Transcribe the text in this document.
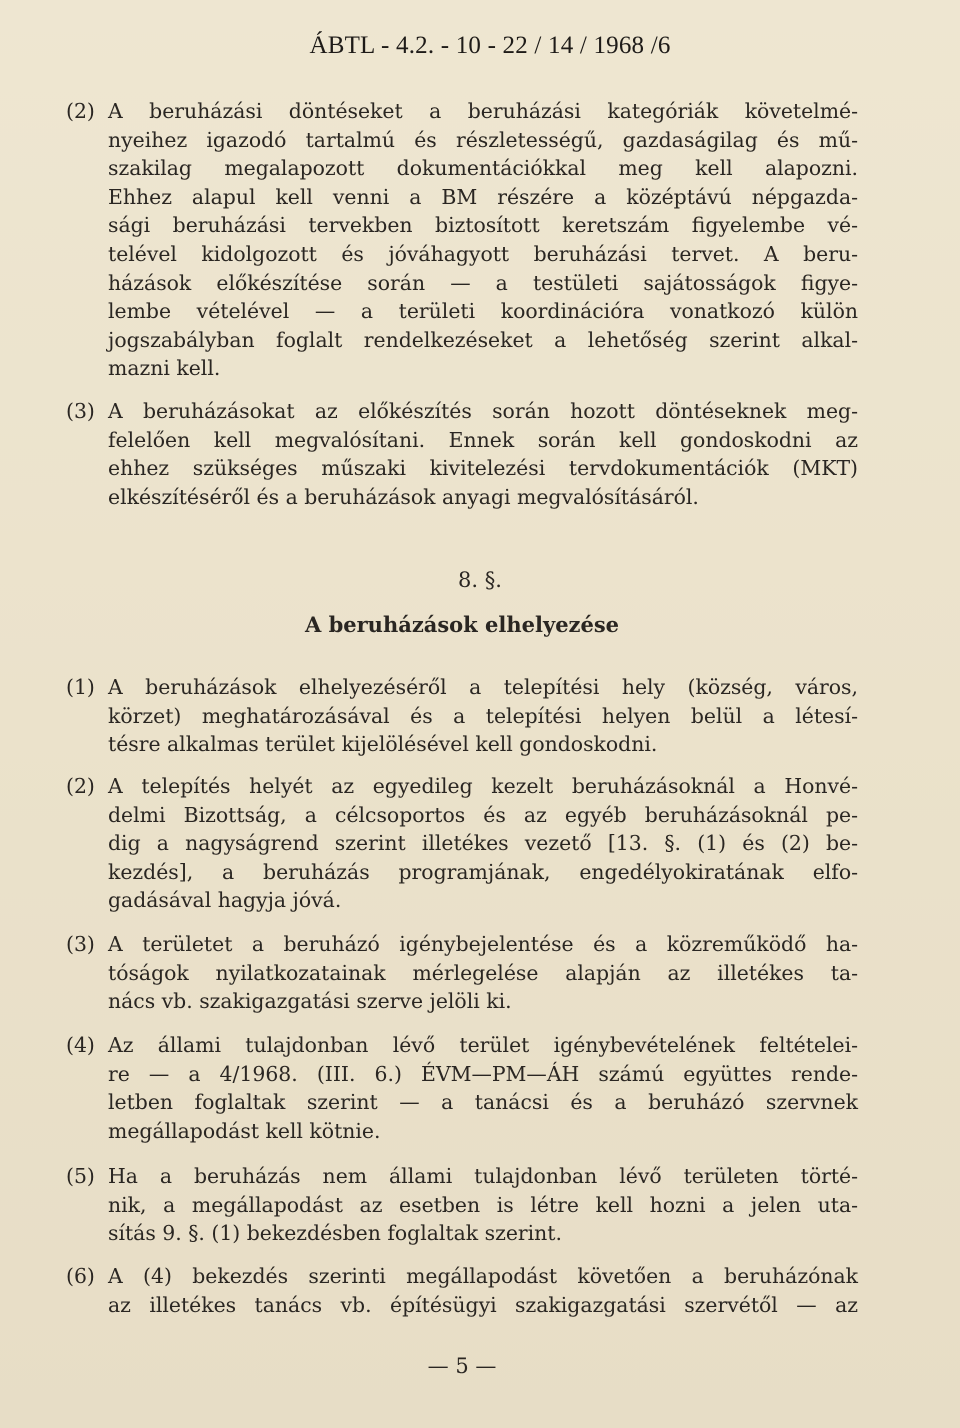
ÁBTL - 4.2. - 10 - 22 / 14 / 1968 /6
(2) A beruházási döntéseket a beruházási kategóriák követelmé-
nyeihez igazodó tartalmú és részletességű, gazdaságilag és mű-
szakilag megalapozott dokumentációkkal meg kell alapozni.
Ehhez alapul kell venni a BM részére a középtávú népgazda-
sági beruházási tervekben biztosított keretszám figyelembe vé-
telével kidolgozott és jóváhagyott beruházási tervet. A beru-
házások előkészítése során — a testületi sajátosságok figye-
lembe vételével — a területi koordinációra vonatkozó külön
jogszabályban foglalt rendelkezéseket a lehetőség szerint alkal-
mazni kell.
(3) A beruházásokat az előkészítés során hozott döntéseknek meg-
felelően kell megvalósítani. Ennek során kell gondoskodni az
ehhez szükséges műszaki kivitelezési tervdokumentációk (MKT)
elkészítéséről és a beruházások anyagi megvalósításáról.
8. §.
A beruházások elhelyezése
(1) A beruházások elhelyezéséről a telepítési hely (község, város,
körzet) meghatározásával és a telepítési helyen belül a létesí-
tésre alkalmas terület kijelölésével kell gondoskodni.
(2) A telepítés helyét az egyedileg kezelt beruházásoknál a Honvé-
delmi Bizottság, a célcsoportos és az egyéb beruházásoknál pe-
dig a nagyságrend szerint illetékes vezető [13. §. (1) és (2) be-
kezdés], a beruházás programjának, engedélyokiratának elfo-
gadásával hagyja jóvá.
(3) A területet a beruházó igénybejelentése és a közreműködő ha-
tóságok nyilatkozatainak mérlegelése alapján az illetékes ta-
nács vb. szakigazgatási szerve jelöli ki.
(4) Az állami tulajdonban lévő terület igénybevételének feltételei-
re — a 4/1968. (III. 6.) ÉVM—PM—ÁH számú együttes rende-
letben foglaltak szerint — a tanácsi és a beruházó szervnek
megállapodást kell kötnie.
(5) Ha a beruházás nem állami tulajdonban lévő területen törté-
nik, a megállapodást az esetben is létre kell hozni a jelen uta-
sítás 9. §. (1) bekezdésben foglaltak szerint.
(6) A (4) bekezdés szerinti megállapodást követően a beruházónak
az illetékes tanács vb. építésügyi szakigazgatási szervétől — az
— 5 —
